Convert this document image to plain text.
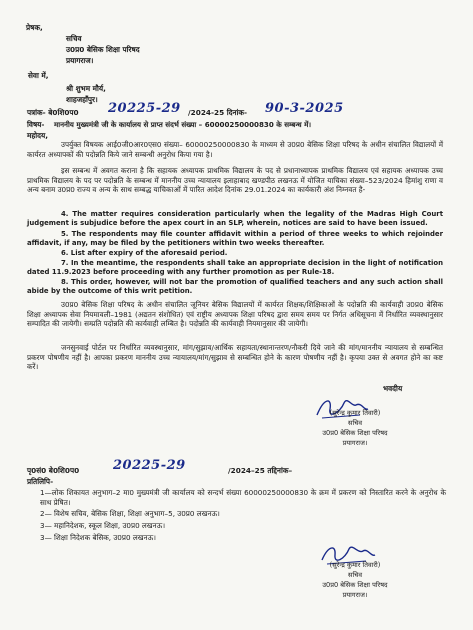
प्रेषक,
सचिव
उ0प्र0 बेसिक शिक्षा परिषद
प्रयागराज।
सेवा में,
श्री शुभम मौर्य,
शाहजहाँपुर।
पत्रांक- बे0शि0प0 20225-29 /2024-25 दिनांक- 90-3-2025
विषय- माननीय मुख्यमंत्री जी के कार्यालय से प्राप्त संदर्भ संख्या – 60000250000830 के सम्बन्ध में।
महोदय,
उपर्युक्त विषयक आई0जी0आर0एस0 संख्या– 60000250000830 के माध्यम से उ0प्र0 बेसिक शिक्षा परिषद के अधीन संचालित विद्यालयों में कार्यरत अध्यापकों की पदोन्नति किये जाने सम्बन्धी अनुरोध किया गया है।
इस सम्बन्ध में अवगत कराना है कि सहायक अध्यापक प्राथमिक विद्यालय के पद से प्रधानाध्यापक प्राथमिक विद्यालय एवं सहायक अध्यापक उच्च प्राथमिक विद्यालय के पद पर पदोन्नति के सम्बन्ध में माननीय उच्च न्यायालय इलाहाबाद खण्डपीठ लखनऊ में योजित याचिका संख्या–523/2024 हिमांशु राणा व अन्य बनाम उ0प्र0 राज्य व अन्य के साथ सम्बद्ध याचिकाओं में पारित आदेश दिनांक 29.01.2024 का कार्यकारी अंश निम्नवत है-
4. The matter requires consideration particularly when the legality of the Madras High Court judgement is subjudice before the apex court in an SLP, wherein, notices are said to have been issued.
5. The respondents may file counter affidavit within a period of three weeks to which rejoinder affidavit, if any, may be filed by the petitioners within two weeks thereafter.
6. List after expiry of the aforesaid period.
7. In the meantime, the respondents shall take an appropriate decision in the light of notification dated 11.9.2023 before proceeding with any further promotion as per Rule-18.
8. This order, however, will not bar the promotion of qualified teachers and any such action shall abide by the outcome of this writ petition.
उ0प्र0 बेसिक शिक्षा परिषद के अधीन संचालित जूनियर बेसिक विद्यालयों में कार्यरत शिक्षक/शिक्षिकाओं के पदोन्नति की कार्यवाही उ0प्र0 बेसिक शिक्षा अध्यापक सेवा नियमावली–1981 (अद्यतन संशोधित) एवं राष्ट्रीय अध्यापक शिक्षा परिषद द्वारा समय समय पर निर्गत अधिसूचना में निर्धारित व्यवस्थानुसार सम्पादित की जायेगी। सम्प्रति पदोन्नति की कार्यवाही लम्बित है। पदोन्नति की कार्यवाही नियमानुसार की जायेगी।
जनसुनवाई पोर्टल पर निर्धारित व्यवस्थानुसार, मांग/सुझाव/आर्थिक सहायता/स्थानान्तरण/नौकरी दिये जाने की मांग/माननीय न्यायालय से सम्बन्धित प्रकरण पोषणीय नहीं है। आपका प्रकरण माननीय उच्च न्यायालय/मांग/सुझाव से सम्बन्धित होने के कारण पोषणीय नहीं है। कृपया उक्त से अवगत होने का कष्ट करें।
भवदीय
(सुरेन्द्र कुमार तिवारी)
सचिव
उ0प्र0 बेसिक शिक्षा परिषद
प्रयागराज।
पृ0सं0 बे0शि0प0	20225-29	/2024–25 तद्दिनांक–
प्रतिलिपि-
1—लोक शिकायत अनुभाग–2 मा0 मुख्यमंत्री जी कार्यालय को सन्दर्भ संख्या 60000250000830 के क्रम में प्रकरण को निस्तारित करने के अनुरोध के साथ प्रेषित।
2— विशेष सचिव, बेसिक शिक्षा, शिक्षा अनुभाग–5, उ0प्र0 लखनऊ।
3— महानिदेशक, स्कूल शिक्षा, उ0प्र0 लखनऊ।
3— शिक्षा निदेशक बेसिक, उ0प्र0 लखनऊ।
(सुरेन्द्र कुमार तिवारी)
सचिव
उ0प्र0 बेसिक शिक्षा परिषद
प्रयागराज।
